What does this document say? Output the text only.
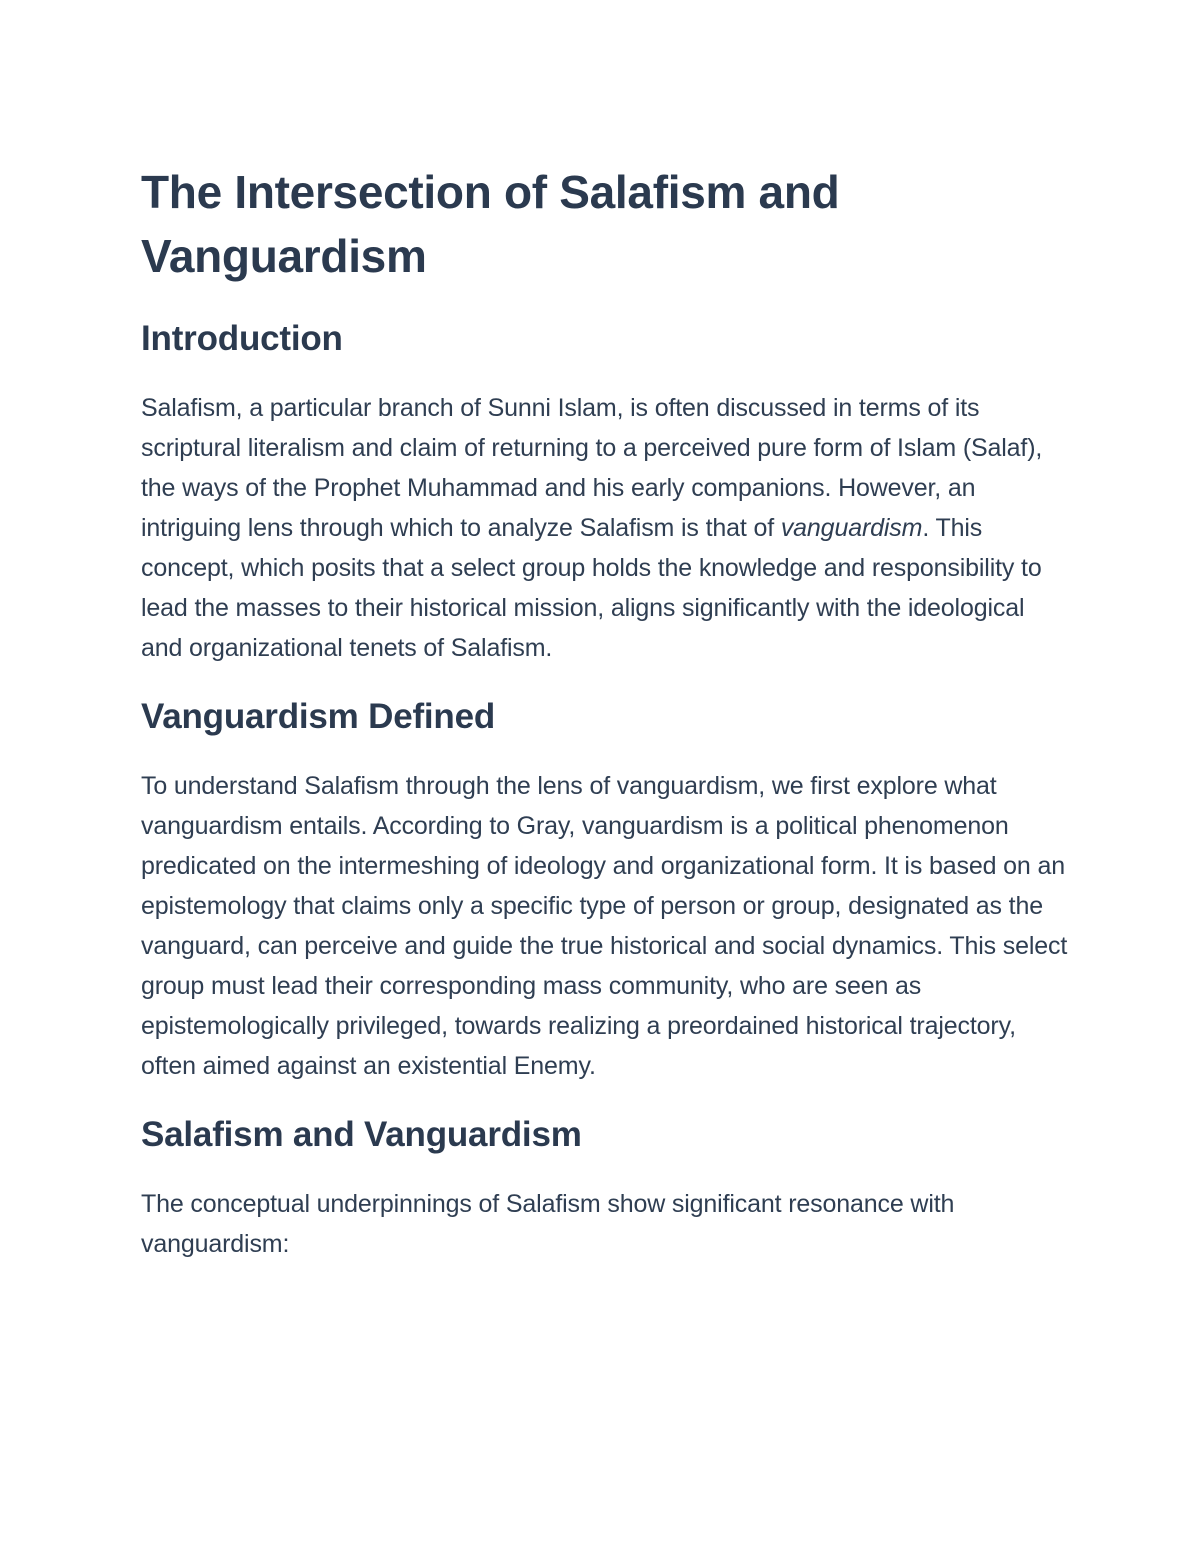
The Intersection of Salafism and Vanguardism
Introduction

Salafism, a particular branch of Sunni Islam, is often discussed in terms of its scriptural literalism and claim of returning to a perceived pure form of Islam (Salaf), the ways of the Prophet Muhammad and his early companions. However, an intriguing lens through which to analyze Salafism is that of vanguardism. This concept, which posits that a select group holds the knowledge and responsibility to lead the masses to their historical mission, aligns significantly with the ideological and organizational tenets of Salafism.

Vanguardism Defined

To understand Salafism through the lens of vanguardism, we first explore what vanguardism entails. According to Gray, vanguardism is a political phenomenon predicated on the intermeshing of ideology and organizational form. It is based on an epistemology that claims only a specific type of person or group, designated as the vanguard, can perceive and guide the true historical and social dynamics. This select group must lead their corresponding mass community, who are seen as epistemologically privileged, towards realizing a preordained historical trajectory, often aimed against an existential Enemy.

Salafism and Vanguardism

The conceptual underpinnings of Salafism show significant resonance with vanguardism:
